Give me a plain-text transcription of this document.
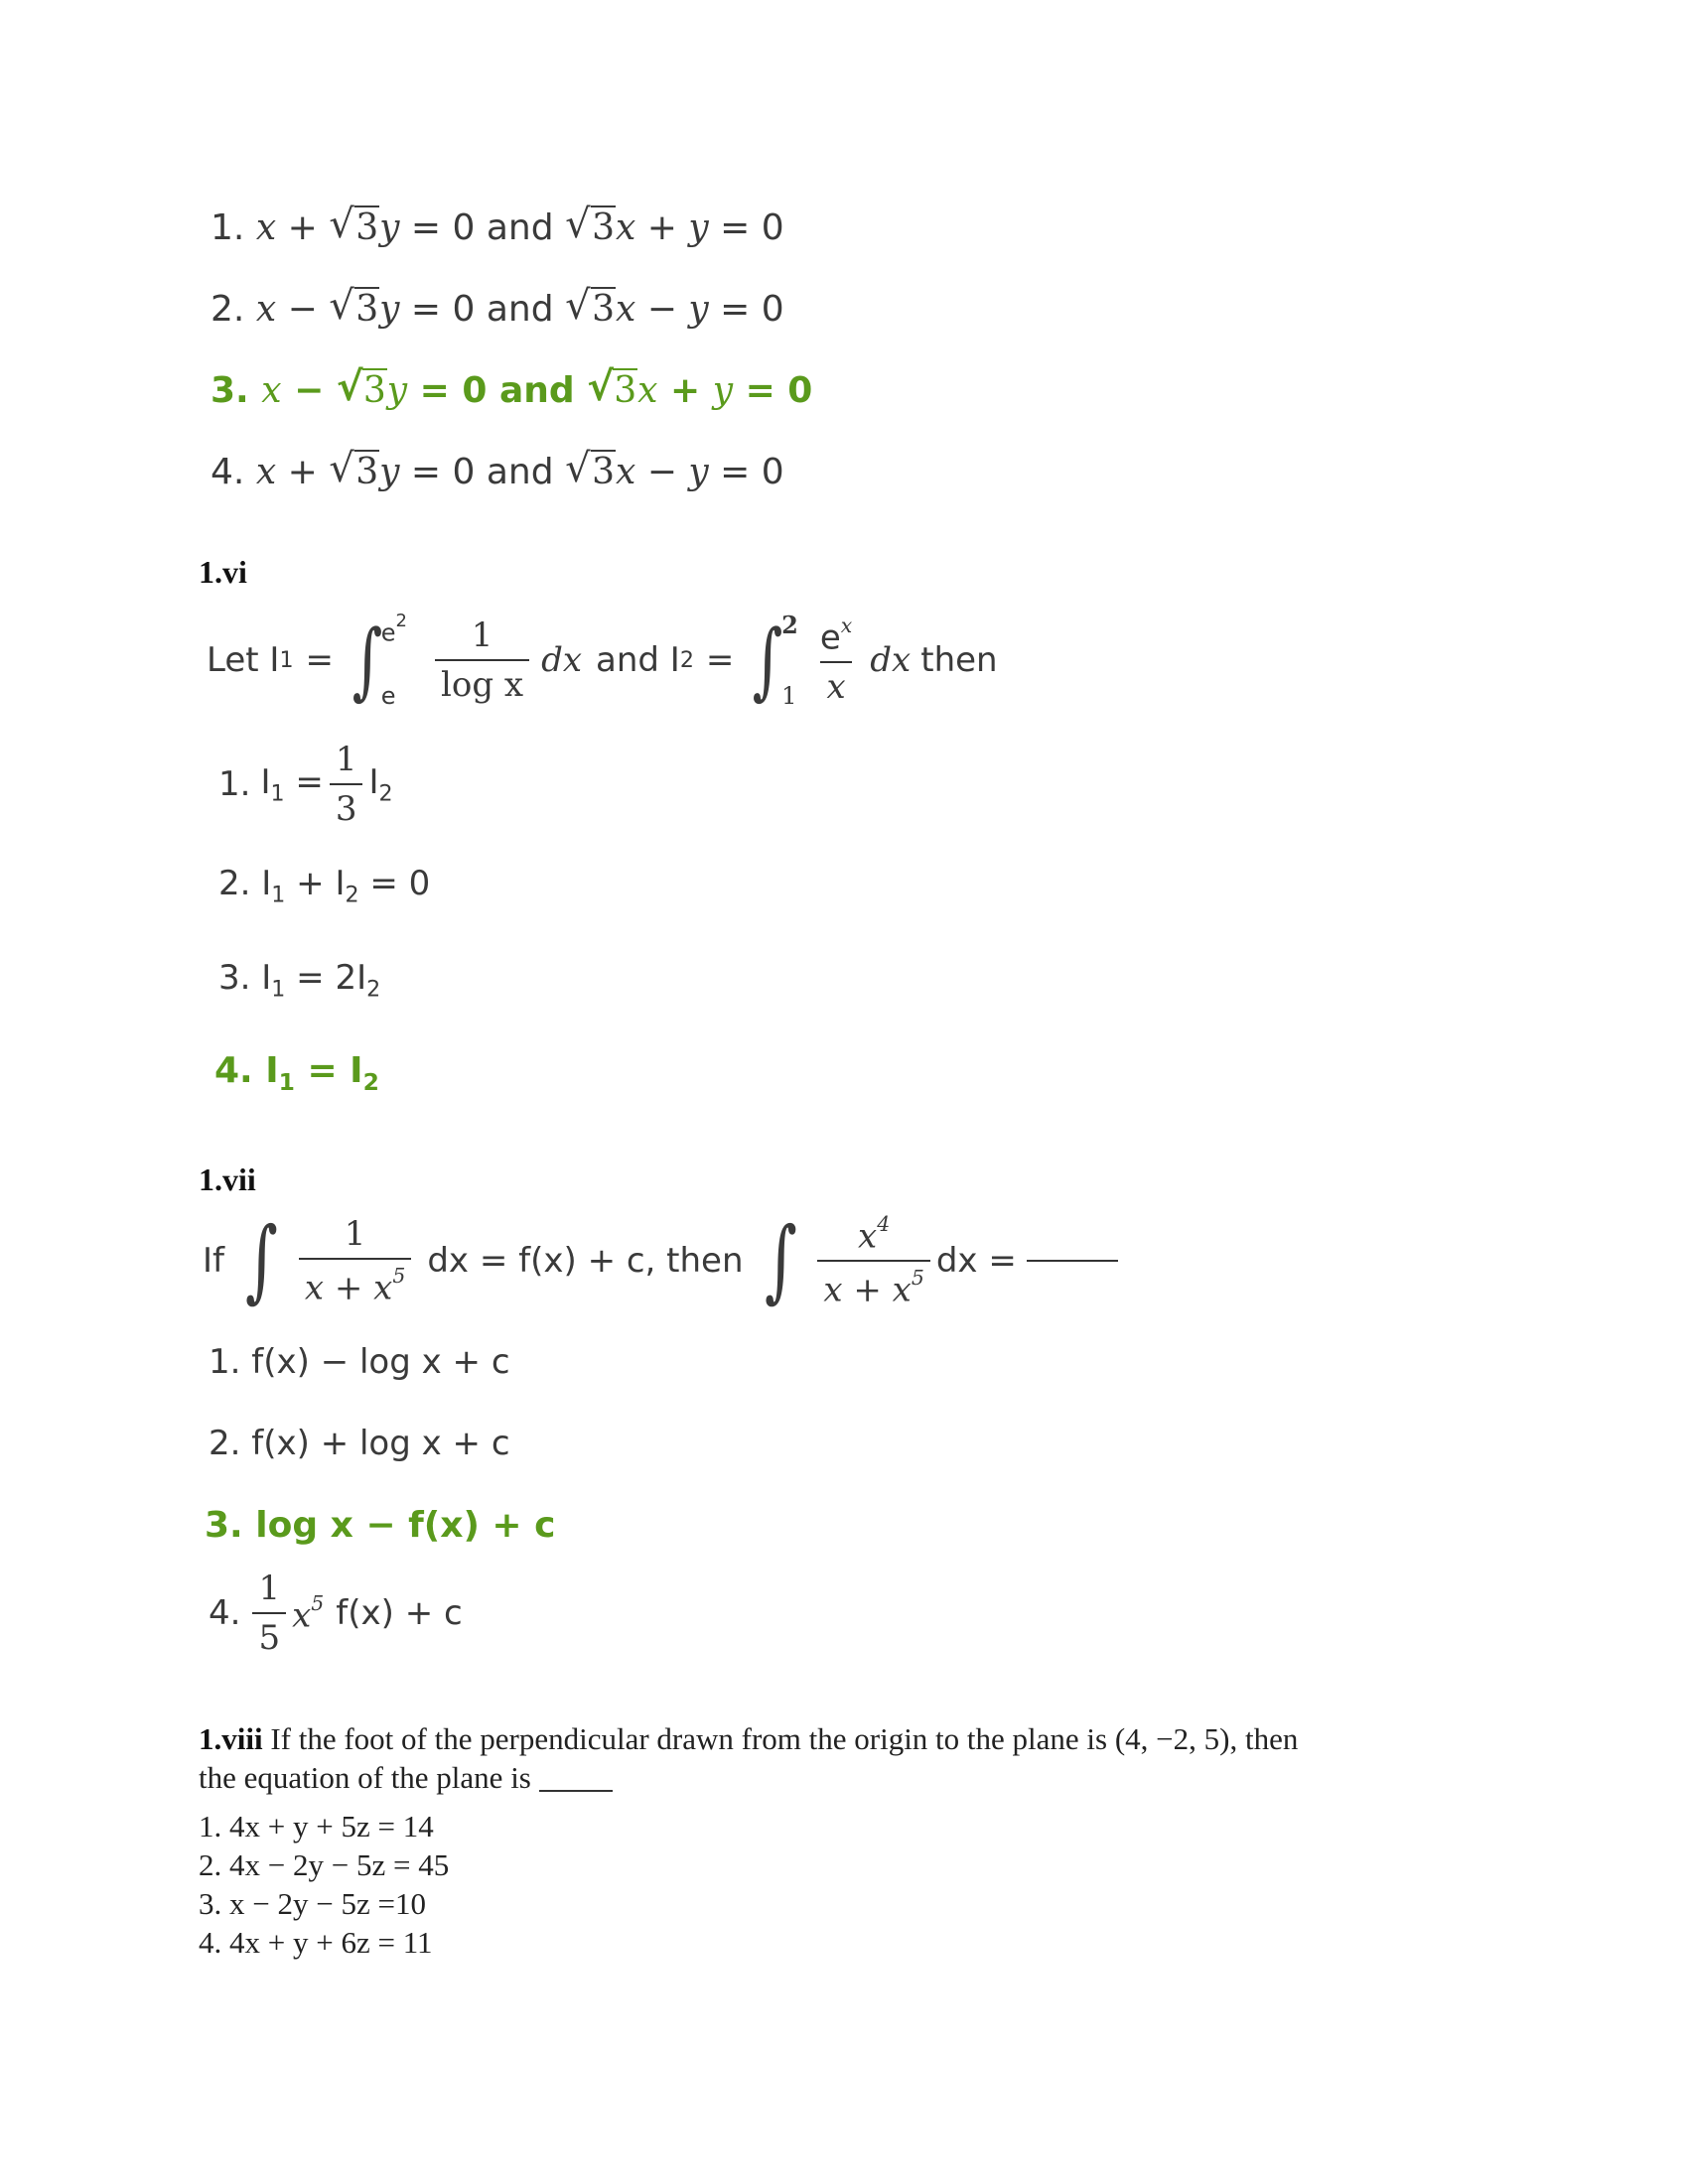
1. x + √ 3y = 0 and √ 3x + y = 0
2. x − √ 3y = 0 and √ 3x − y = 0
3. x − √ 3y = 0 and √ 3x + y = 0
4. x + √ 3y = 0 and √ 3x − y = 0
1.vi
Let I 1 = ∫
$e^2$
e	$\frac{1}{\text{log x}}$ dx and I 2 = ∫
2
$1 \frac{e^x}{x}$ dx then
1. $I_1 = \frac{1}{3} I_2$
2. $I_1 + I_2 = 0$
3. $I_1 = 2I_2$
4. $I_1 = I_2$
1.vii
If ∫ $\frac{1}{x + x^5}$ dx = f(x) + c, then ∫ $\frac{x^4}{x + x^5}$ dx =
1. f(x) − log x + c
2. f(x) + log x + c
3. log x − f(x) + c
4. $\frac{1}{5} x^5$ f(x) + c
1.viii If the foot of the perpendicular drawn from the origin to the plane is (4, −2, 5), then
the equation of the plane is
1. 4x + y + 5z = 14
2. 4x − 2y − 5z = 45
3. x − 2y − 5z =10
4. 4x + y + 6z = 11
